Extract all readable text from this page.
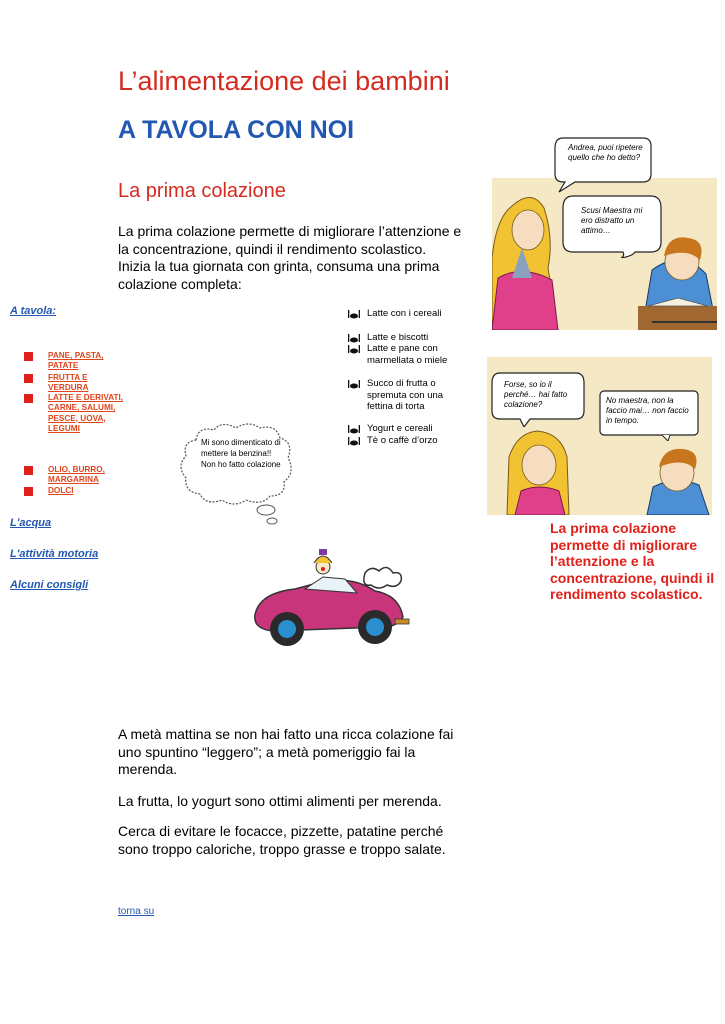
L’alimentazione dei bambini
A TAVOLA CON NOI
La prima colazione

La prima colazione permette di migliorare l’attenzione e la concentrazione, quindi il rendimento scolastico.

Inizia la tua giornata con grinta, consuma una prima colazione completa:

A tavola:
PANE, PASTA, PATATE
FRUTTA E VERDURA
LATTE E DERIVATI, CARNE, SALUMI, PESCE, UOVA, LEGUMI
OLIO, BURRO, MARGARINA
DOLCI
L'acqua
L'attività motoria
Alcuni consigli
Latte con i cereali
Latte e biscotti
Latte e pane con marmellata o miele
Succo di frutta o spremuta con una fettina di torta
Yogurt e cereali
Tè o caffè d’orzo
Mi sono dimenticato di mettere la benzina!! Non ho fatto colazione
Andrea, puoi ripetere quello che ho detto?
Scusi Maestra mi ero distratto un attimo…
Forse, so io il perché… hai fatto colazione?	No maestra, non la faccio mai… non faccio in tempo.
La prima colazione permette di migliorare l’attenzione e la concentrazione, quindi il rendimento scolastico.

A metà mattina se non hai fatto una ricca colazione fai uno spuntino “leggero”; a metà pomeriggio fai la merenda.

La frutta, lo yogurt sono ottimi alimenti per merenda.

Cerca di evitare le focacce, pizzette, patatine perché sono troppo caloriche, troppo grasse e troppo salate.

torna su
